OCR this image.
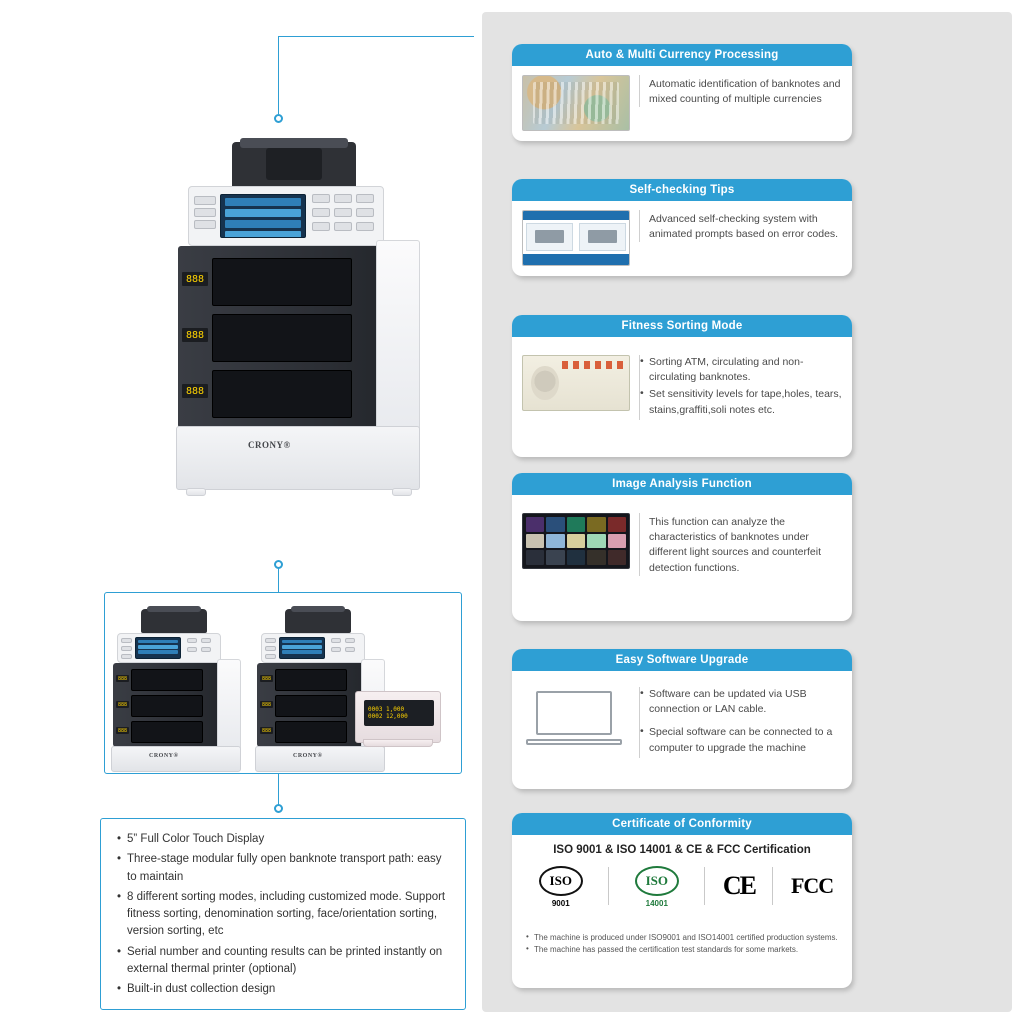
Auto & Multi Currency Processing
Automatic identification of banknotes and mixed counting of multiple currencies
Self-checking Tips
Advanced self-checking system with animated prompts based on error codes.
Fitness Sorting Mode
• Sorting ATM, circulating and non-circulating banknotes.
• Set sensitivity levels for tape,holes, tears, stains,graffiti,soli notes etc.
Image Analysis Function
This function can analyze the characteristics of banknotes under different light sources and counterfeit detection functions.
Easy Software Upgrade
• Software can be updated via USB connection or LAN cable.
• Special software can be connected to a computer to upgrade the machine
Certificate of Conformity
ISO 9001 & ISO 14001 & CE & FCC Certification
ISO
9001
ISO
14001
CE FCC
• The machine is produced under ISO9001 and ISO14001 certified production systems.
• The machine has passed the certification test standards for some markets.
888
888
888
CRONY®
888
888
888
CRONY®
888
888
888
CRONY®
0003 1,000
0002 12,000
• 5” Full Color Touch Display
• Three-stage modular fully open banknote transport path: easy to maintain
• 8 different sorting modes, including customized mode. Support fitness sorting, denomination sorting, face/orientation sorting, version sorting, etc
• Serial number and counting results can be printed instantly on external thermal printer (optional)
• Built-in dust collection design
